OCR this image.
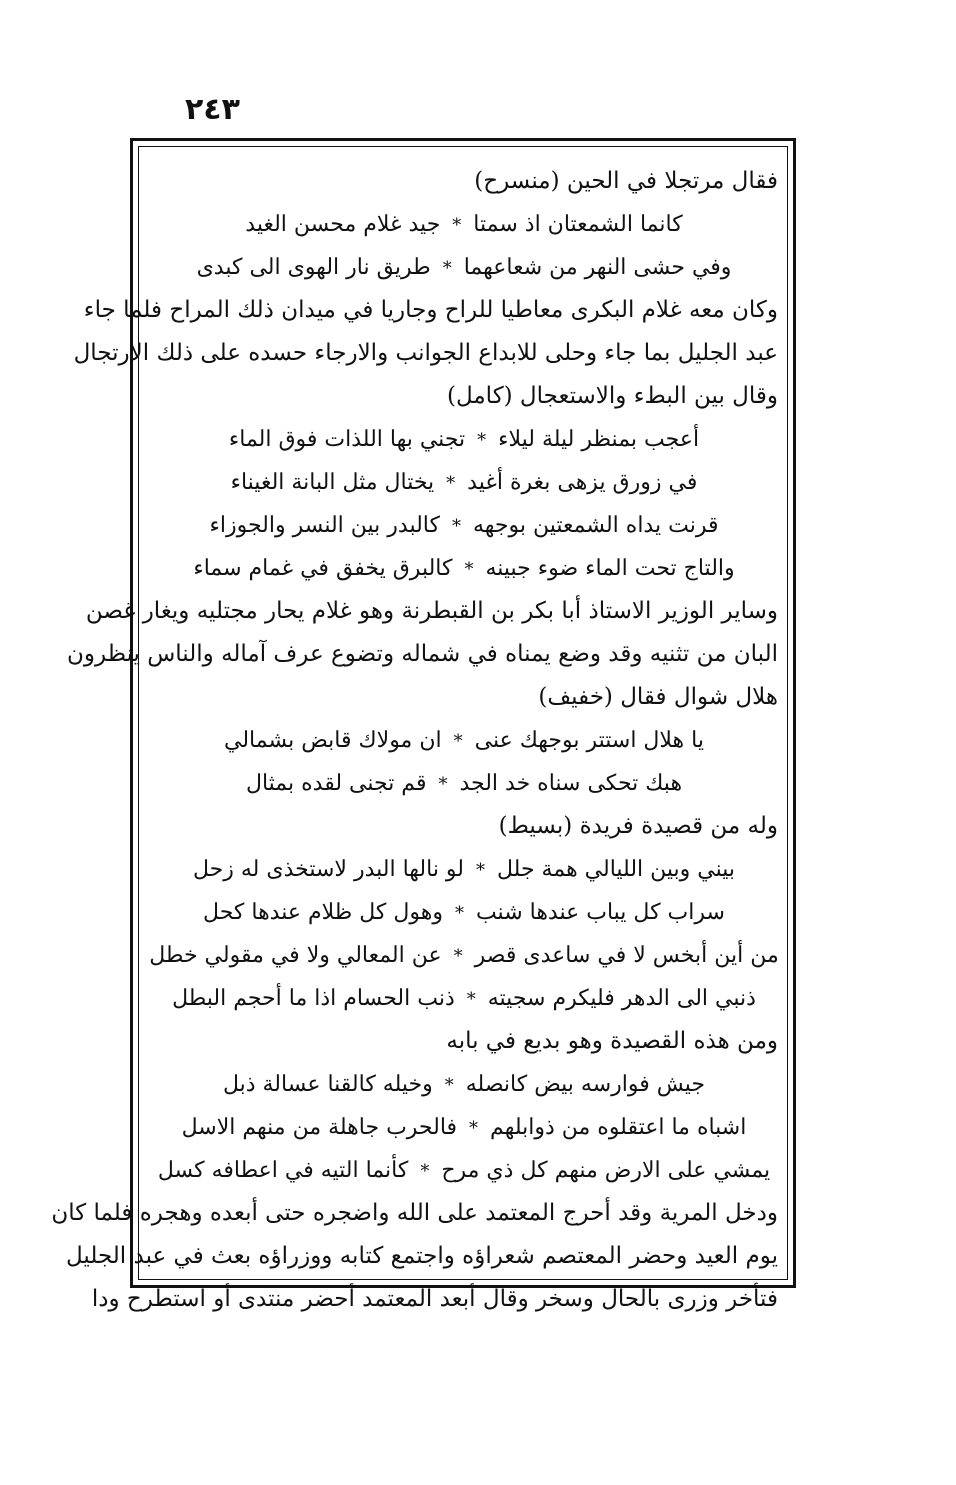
٢٤٣
فقال مرتجلا في الحين (منسرح)
كانما الشمعتان اذ سمتا*جيد غلام محسن الغيد
وفي حشى النهر من شعاعهما*طريق نار الهوى الى كبدى
وكان معه غلام البكرى معاطيا للراح وجاريا في ميدان ذلك المراح فلما جاء
عبد الجليل بما جاء وحلى للابداع الجوانب والارجاء حسده على ذلك الارتجال
وقال بين البطء والاستعجال (كامل)
أعجب بمنظر ليلة ليلاء*تجني بها اللذات فوق الماء
في زورق يزهى بغرة أغيد*يختال مثل البانة الغيناء
قرنت يداه الشمعتين بوجهه*كالبدر بين النسر والجوزاء
والتاج تحت الماء ضوء جبينه*كالبرق يخفق في غمام سماء
وساير الوزير الاستاذ أبا بكر بن القبطرنة وهو غلام يحار مجتليه ويغار غصن
البان من تثنيه وقد وضع يمناه في شماله وتضوع عرف آماله والناس ينظرون
هلال شوال فقال (خفيف)
يا هلال استتر بوجهك عنى*ان مولاك قابض بشمالي
هبك تحكى سناه خد الجد*قم تجنى لقده بمثال
وله من قصيدة فريدة (بسيط)
بيني وبين الليالي همة جلل*لو نالها البدر لاستخذى له زحل
سراب كل يباب عندها شنب*وهول كل ظلام عندها كحل
من أين أبخس لا في ساعدى قصر*عن المعالي ولا في مقولي خطل
ذنبي الى الدهر فليكرم سجيته*ذنب الحسام اذا ما أحجم البطل
ومن هذه القصيدة وهو بديع في بابه
جيش فوارسه بيض كانصله*وخيله كالقنا عسالة ذبل
اشباه ما اعتقلوه من ذوابلهم*فالحرب جاهلة من منهم الاسل
يمشي على الارض منهم كل ذي مرح*كأنما التيه في اعطافه كسل
ودخل المرية وقد أحرج المعتمد على الله واضجره حتى أبعده وهجره فلما كان
يوم العيد وحضر المعتصم شعراؤه واجتمع كتابه ووزراؤه بعث في عبد الجليل
فتأخر وزرى بالحال وسخر وقال أبعد المعتمد أحضر منتدى أو استطرح ودا
